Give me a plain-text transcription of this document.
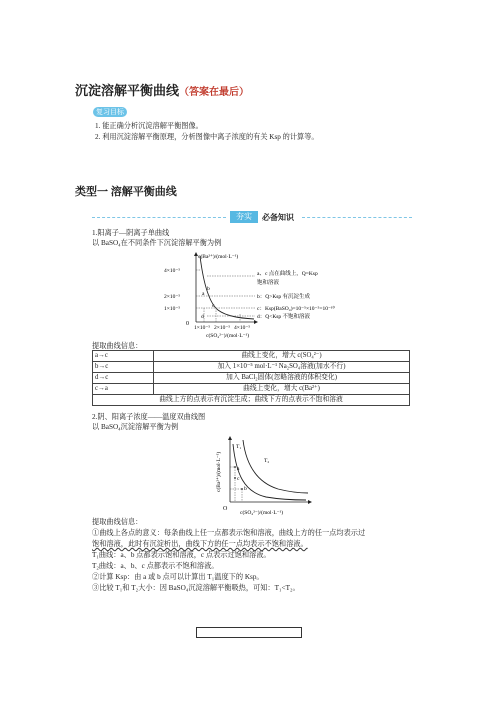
沉淀溶解平衡曲线（答案在最后）
复习目标
1. 能正确分析沉淀溶解平衡图像。
2. 利用沉淀溶解平衡原理，分析图像中离子浓度的有关 Ksp 的计算等。
类型一 溶解平衡曲线
夯实	必备知识
1.阳离子—阴离子单曲线
以 BaSO₄在不同条件下沉淀溶解平衡为例
c(Ba²⁺)/(mol·L⁻¹)
4×10⁻⁵
2×10⁻⁵
1×10⁻⁵
0
1×10⁻⁵ 2×10⁻⁵ 4×10⁻⁵
c(SO₄²⁻)/(mol·L⁻¹)
a
b
c
d
a、c 点在曲线上，Q=Ksp
饱和溶液
b：Q>Ksp 有沉淀生成
c：Ksp(BaSO₄)=10⁻⁵×10⁻⁵=10⁻¹⁰
d：Q<Ksp 不饱和溶液
提取曲线信息：
a→c	曲线上变化，增大 c(SO₄²⁻)
b→c	加入 1×10⁻⁵ mol·L⁻¹ Na₂SO₄溶液(加水不行)
d→c	加入 BaCl₂固体(忽略溶液的体积变化)
c→a	曲线上变化，增大 c(Ba²⁺)
曲线上方的点表示有沉淀生成；曲线下方的点表示不饱和溶液	
2.阴、阳离子浓度——温度双曲线图
以 BaSO₄沉淀溶解平衡为例
c(Ba²⁺)/(mol·L⁻¹)
O
c(SO₄²⁻)/(mol·L⁻¹)
T₁
T₂
a
b
c
提取曲线信息：
①曲线上各点的意义：每条曲线上任一点都表示饱和溶液，曲线上方的任一点均表示过
饱和溶液，此时有沉淀析出，曲线下方的任一点均表示不饱和溶液。
T₁曲线：a、b 点都表示饱和溶液，c 点表示过饱和溶液。
T₂曲线：a、b、c 点都表示不饱和溶液。
②计算 Ksp：由 a 或 b 点可以计算出 T₁温度下的 Ksp。
③比较 T₁和 T₂大小：因 BaSO₄沉淀溶解平衡吸热，可知：T₁<T₂。
